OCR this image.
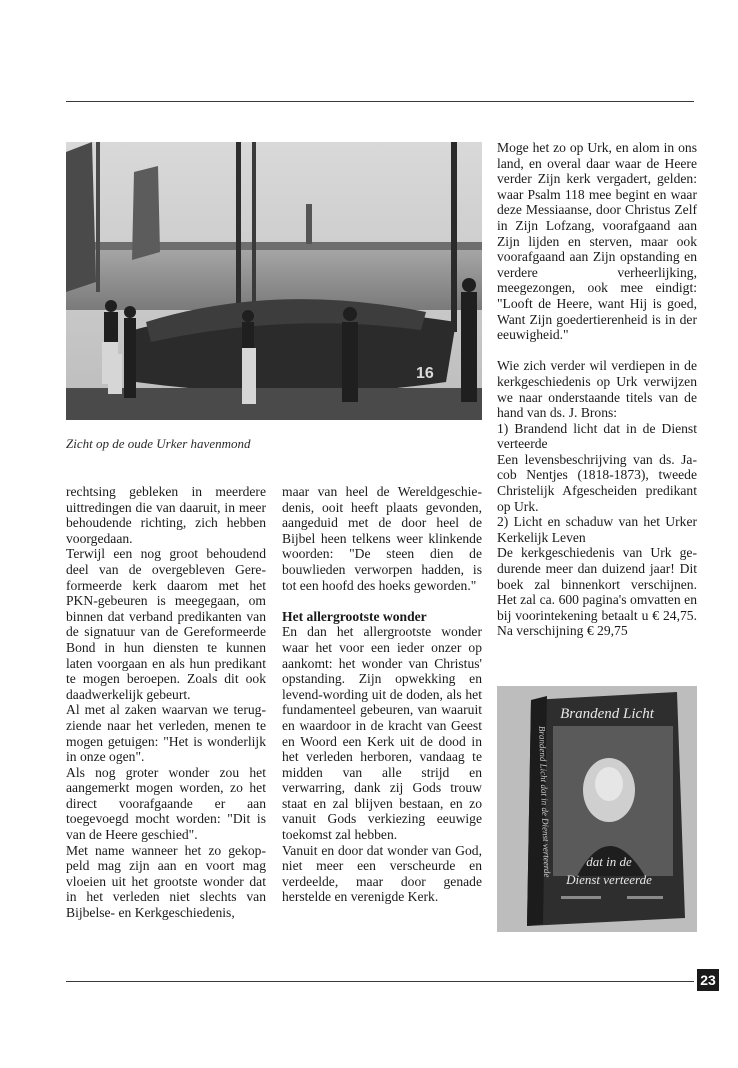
16
Zicht op de oude Urker havenmond

rechtsing gebleken in meerdere uittredingen die van daaruit, in meer behoudende richting, zich hebben voorgedaan.

Terwijl een nog groot behoudend deel van de overgebleven Gereformeerde kerk daarom met het PKN-gebeuren is meegegaan, om binnen dat verband predikanten van de signatuur van de Gereformeerde Bond in hun diensten te kunnen laten voorgaan en als hun predikant te mogen beroepen. Zoals dit ook daadwerkelijk gebeurt.

Al met al zaken waarvan we terugziende naar het verleden, menen te mogen getuigen: "Het is wonderlijk in onze ogen".

Als nog groter wonder zou het aangemerkt mogen worden, zo het direct voorafgaande er aan toegevoegd mocht worden: "Dit is van de Heere geschied".

Met name wanneer het zo gekoppeld mag zijn aan en voort mag vloeien uit het grootste wonder dat in het verleden niet slechts van Bijbelse- en Kerkgeschiedenis,

maar van heel de Wereldgeschiedenis, ooit heeft plaats gevonden, aangeduid met de door heel de Bijbel heen telkens weer klinkende woorden: "De steen dien de bouwlieden verworpen hadden, is tot een hoofd des hoeks geworden."

Het allergrootste wonder

En dan het allergrootste wonder waar het voor een ieder onzer op aankomt: het wonder van Christus' opstanding. Zijn opwekking en levend-wording uit de doden, als het fundamenteel gebeuren, van waaruit en waardoor in de kracht van Geest en Woord een Kerk uit de dood in het verleden herboren, vandaag te midden van alle strijd en verwarring, dank zij Gods trouw staat en zal blijven bestaan, en zo vanuit Gods verkiezing eeuwige toekomst zal hebben.

Vanuit en door dat wonder van God, niet meer een verscheurde en verdeelde, maar door genade herstelde en verenigde Kerk.

Moge het zo op Urk, en alom in ons land, en overal daar waar de Heere verder Zijn kerk vergadert, gelden: waar Psalm 118 mee begint en waar deze Messiaanse, door Christus Zelf in Zijn Lofzang, voorafgaand aan Zijn lijden en sterven, maar ook voorafgaand aan Zijn opstanding en verdere verheerlijking, meegezongen, ook mee eindigt: "Looft de Heere, want Hij is goed, Want Zijn goedertierenheid is in der eeuwigheid."

Wie zich verder wil verdiepen in de kerkgeschiedenis op Urk verwijzen we naar onderstaande titels van de hand van ds. J. Brons:

1) Brandend licht dat in de Dienst verteerde

Een levensbeschrijving van ds. Jacob Nentjes (1818-1873), tweede Christelijk Afgescheiden predikant op Urk.

2) Licht en schaduw van het Urker Kerkelijk Leven

De kerkgeschiedenis van Urk gedurende meer dan duizend jaar! Dit boek zal binnenkort verschijnen. Het zal ca. 600 pagina's omvatten en bij voorintekening betaalt u € 24,75. Na verschijning € 29,75

Brandend Licht
dat in de
Dienst verteerde
Brandend Licht dat in de Dienst verteerde
23
